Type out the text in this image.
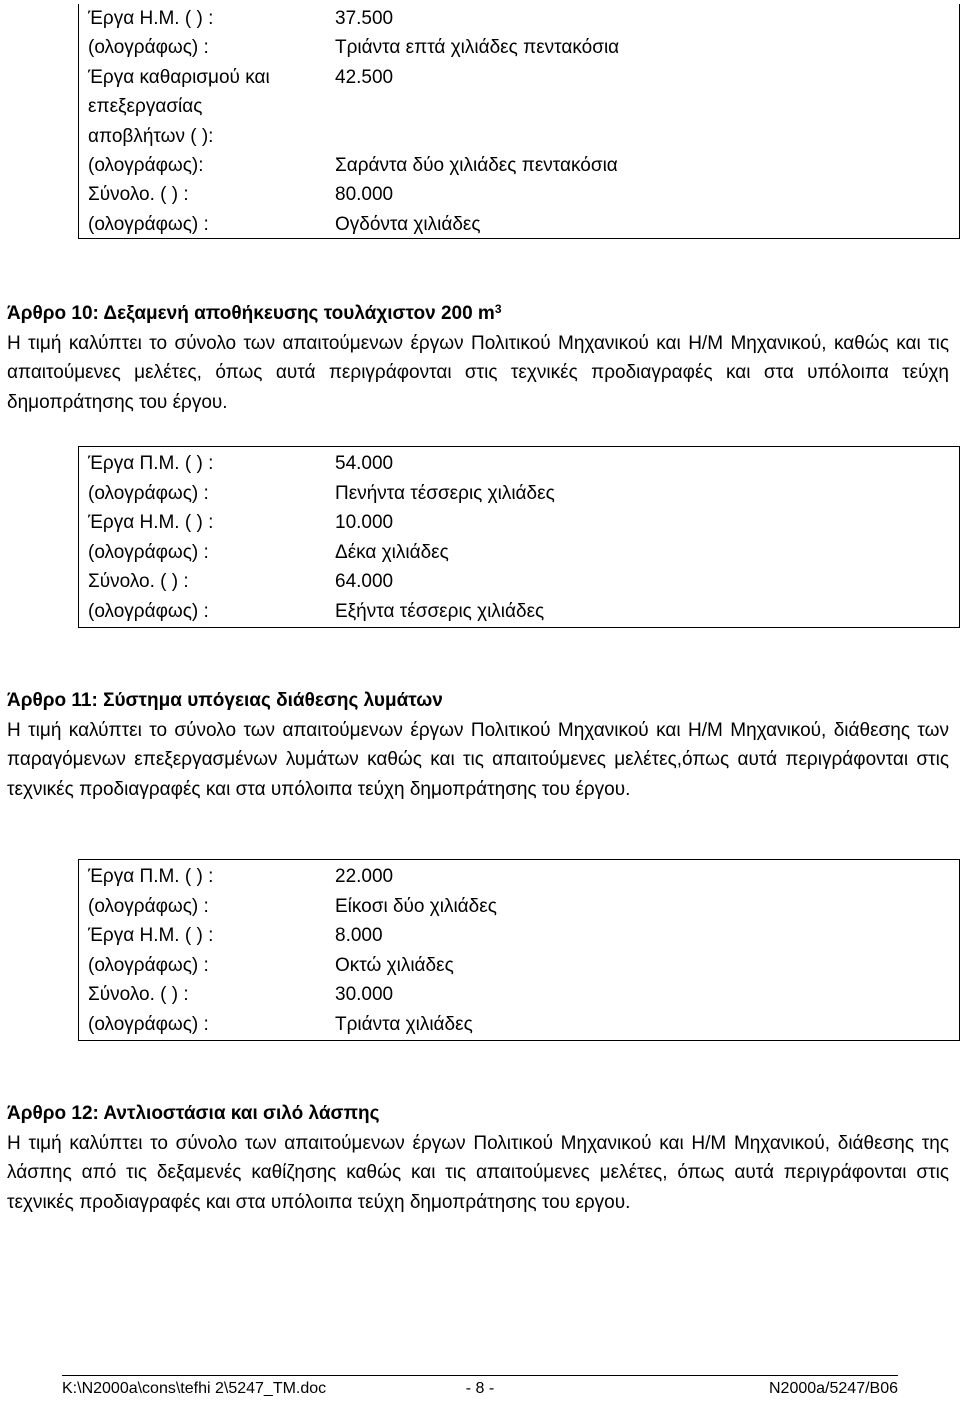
Έργα Η.Μ. ( ) :	37.500
(ολογράφως) :	Τριάντα επτά χιλιάδες πεντακόσια
Έργα καθαρισμού και	42.500
επεξεργασίας
αποβλήτων ( ):
(ολογράφως):	Σαράντα δύο χιλιάδες πεντακόσια
Σύνολο. ( ) :	80.000
(ολογράφως) :	Ογδόντα χιλιάδες
Άρθρο 10: Δεξαμενή αποθήκευσης τουλάχιστον 200 $m^3$
Η τιμή καλύπτει το σύνολο των απαιτούμενων έργων Πολιτικού Μηχανικού και Η/Μ Μηχανικού, καθώς και τις απαιτούμενες μελέτες, όπως αυτά περιγράφονται στις τεχνικές προδιαγραφές και στα υπόλοιπα τεύχη δημοπράτησης του έργου.
Έργα Π.Μ. ( ) :	54.000
(ολογράφως) :	Πενήντα τέσσερις χιλιάδες
Έργα Η.Μ. ( ) :	10.000
(ολογράφως) :	Δέκα χιλιάδες
Σύνολο. ( ) :	64.000
(ολογράφως) :	Εξήντα τέσσερις χιλιάδες
Άρθρο 11: Σύστημα υπόγειας διάθεσης λυμάτων
Η τιμή καλύπτει το σύνολο των απαιτούμενων έργων Πολιτικού Μηχανικού και Η/Μ Μηχανικού, διάθεσης των παραγόμενων επεξεργασμένων λυμάτων καθώς και τις απαιτούμενες μελέτες,όπως αυτά περιγράφονται στις τεχνικές προδιαγραφές και στα υπόλοιπα τεύχη δημοπράτησης του έργου.
Έργα Π.Μ. ( ) :	22.000
(ολογράφως) :	Είκοσι δύο χιλιάδες
Έργα Η.Μ. ( ) :	8.000
(ολογράφως) :	Οκτώ χιλιάδες
Σύνολο. ( ) :	30.000
(ολογράφως) :	Τριάντα χιλιάδες
Άρθρο 12: Αντλιοστάσια και σιλό λάσπης
Η τιμή καλύπτει το σύνολο των απαιτούμενων έργων Πολιτικού Μηχανικού και Η/Μ Μηχανικού, διάθεσης της λάσπης από τις δεξαμενές καθίζησης καθώς και τις απαιτούμενες μελέτες, όπως αυτά περιγράφονται στις τεχνικές προδιαγραφές και στα υπόλοιπα τεύχη δημοπράτησης του εργου.
K:\N2000a\cons\tefhi 2\5247_TM.doc	- 8 -	N2000a/5247/B06
